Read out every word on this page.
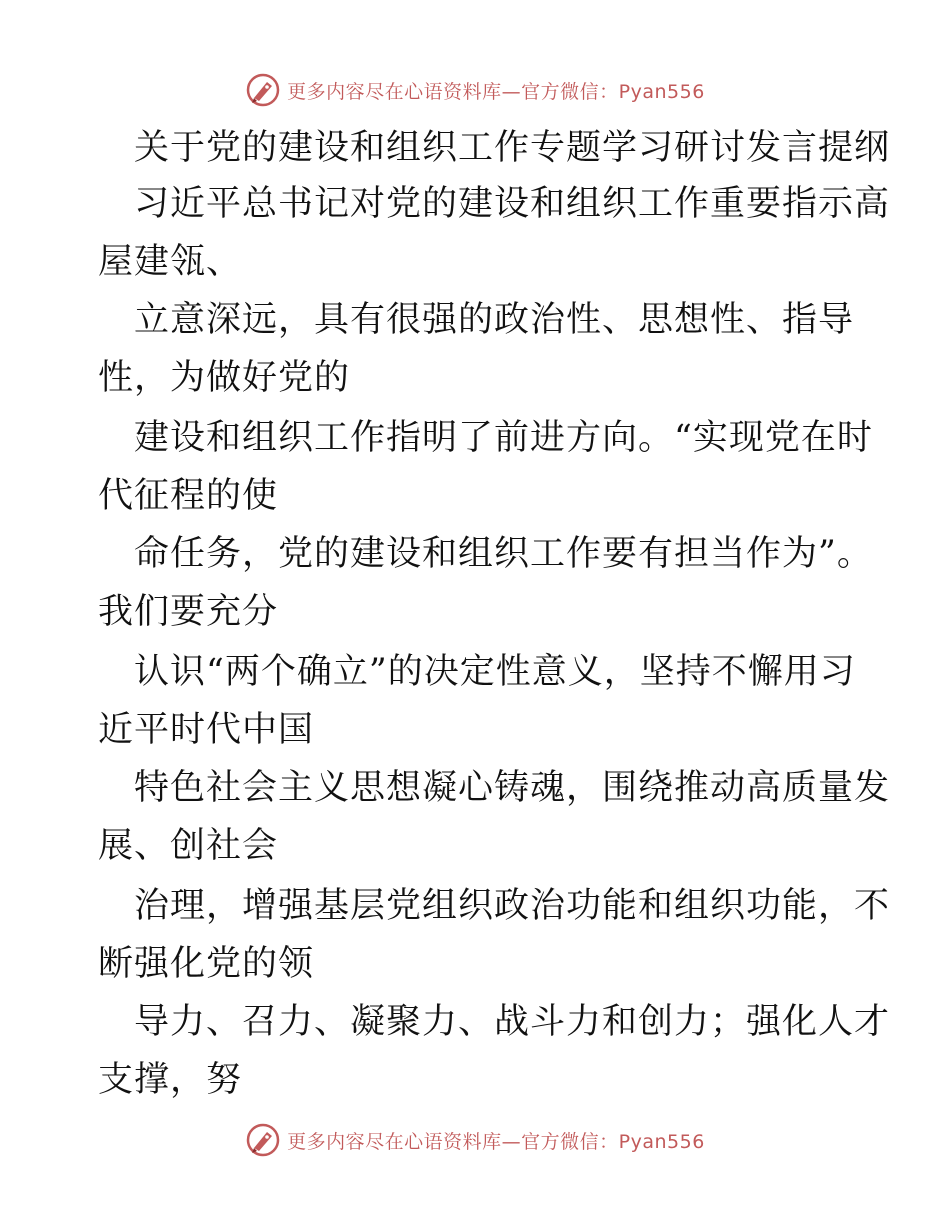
更多内容尽在心语资料库—官方微信：Pyan556
关于党的建设和组织工作专题学习研讨发言提纲
习近平总书记对党的建设和组织工作重要指示高
屋建瓴、
立意深远，具有很强的政治性、思想性、指导
性，为做好党的
建设和组织工作指明了前进方向。“实现党在时
代征程的使
命任务，党的建设和组织工作要有担当作为”。
我们要充分
认识“两个确立”的决定性意义，坚持不懈用习
近平时代中国
特色社会主义思想凝心铸魂，围绕推动高质量发
展、创社会
治理，增强基层党组织政治功能和组织功能，不
断强化党的领
导力、召力、凝聚力、战斗力和创力；强化人才
支撑，努
更多内容尽在心语资料库—官方微信：Pyan556
